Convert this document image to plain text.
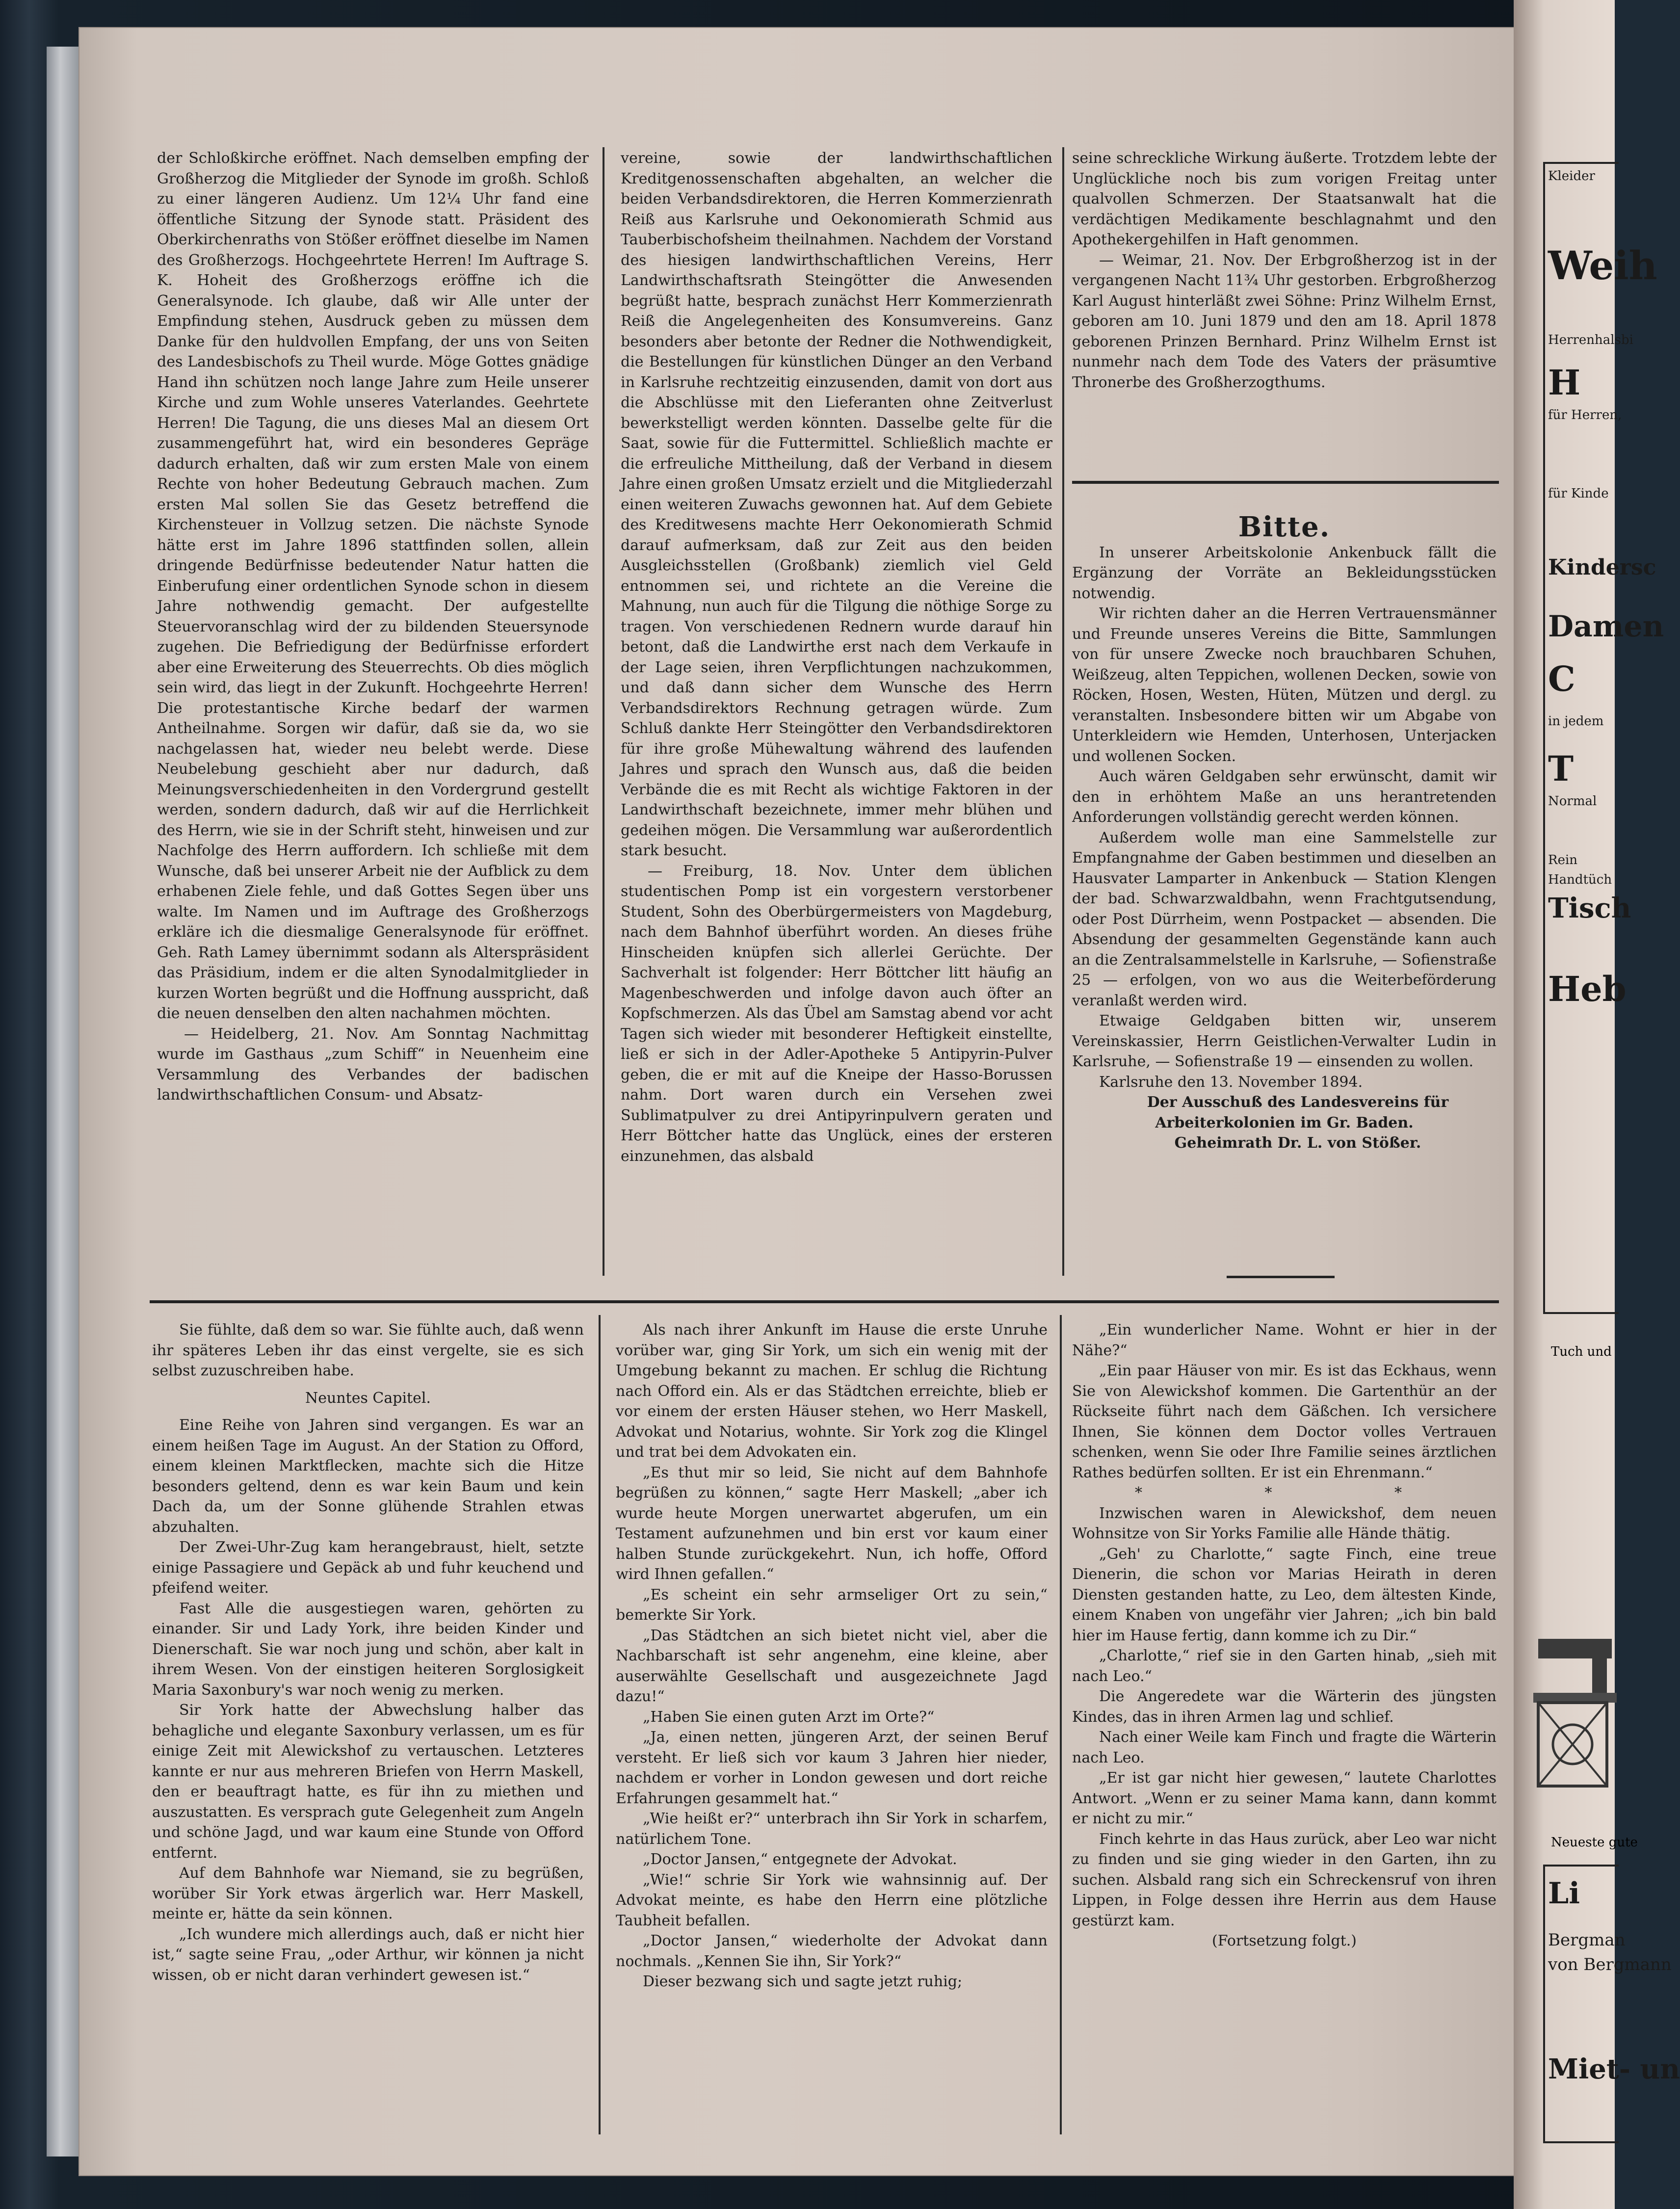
der Schloßkirche eröffnet. Nach demselben empfing der Großherzog die Mitglieder der Synode im großh. Schloß zu einer längeren Audienz. Um 12¼ Uhr fand eine öffentliche Sitzung der Synode statt. Präsident des Oberkirchenraths von Stößer eröffnet dieselbe im Namen des Großherzogs. Hochgeehrtete Herren! Im Auftrage S. K. Hoheit des Großherzogs eröffne ich die Generalsynode. Ich glaube, daß wir Alle unter der Empfindung stehen, Ausdruck geben zu müssen dem Danke für den huldvollen Empfang, der uns von Seiten des Landesbischofs zu Theil wurde. Möge Gottes gnädige Hand ihn schützen noch lange Jahre zum Heile unserer Kirche und zum Wohle unseres Vaterlandes. Geehrtete Herren! Die Tagung, die uns dieses Mal an diesem Ort zusammengeführt hat, wird ein besonderes Gepräge dadurch erhalten, daß wir zum ersten Male von einem Rechte von hoher Bedeutung Gebrauch machen. Zum ersten Mal sollen Sie das Gesetz betreffend die Kirchensteuer in Vollzug setzen. Die nächste Synode hätte erst im Jahre 1896 stattfinden sollen, allein dringende Bedürfnisse bedeutender Natur hatten die Einberufung einer ordentlichen Synode schon in diesem Jahre nothwendig gemacht. Der aufgestellte Steuervoranschlag wird der zu bildenden Steuersynode zugehen. Die Befriedigung der Bedürfnisse erfordert aber eine Erweiterung des Steuerrechts. Ob dies möglich sein wird, das liegt in der Zukunft. Hochgeehrte Herren! Die protestantische Kirche bedarf der warmen Antheilnahme. Sorgen wir dafür, daß sie da, wo sie nachgelassen hat, wieder neu belebt werde. Diese Neubelebung geschieht aber nur dadurch, daß Meinungsverschiedenheiten in den Vordergrund gestellt werden, sondern dadurch, daß wir auf die Herrlichkeit des Herrn, wie sie in der Schrift steht, hinweisen und zur Nachfolge des Herrn auffordern. Ich schließe mit dem Wunsche, daß bei unserer Arbeit nie der Aufblick zu dem erhabenen Ziele fehle, und daß Gottes Segen über uns walte. Im Namen und im Auftrage des Großherzogs erkläre ich die diesmalige Generalsynode für eröffnet. Geh. Rath Lamey übernimmt sodann als Alterspräsident das Präsidium, indem er die alten Synodalmitglieder in kurzen Worten begrüßt und die Hoffnung ausspricht, daß die neuen denselben den alten nachahmen möchten.

— Heidelberg, 21. Nov. Am Sonntag Nachmittag wurde im Gasthaus „zum Schiff“ in Neuenheim eine Versammlung des Verbandes der badischen landwirthschaftlichen Consum- und Absatz-

vereine, sowie der landwirthschaftlichen Kreditgenossenschaften abgehalten, an welcher die beiden Verbandsdirektoren, die Herren Kommerzienrath Reiß aus Karlsruhe und Oekonomierath Schmid aus Tauberbischofsheim theilnahmen. Nachdem der Vorstand des hiesigen landwirthschaftlichen Vereins, Herr Landwirthschaftsrath Steingötter die Anwesenden begrüßt hatte, besprach zunächst Herr Kommerzienrath Reiß die Angelegenheiten des Konsumvereins. Ganz besonders aber betonte der Redner die Nothwendigkeit, die Bestellungen für künstlichen Dünger an den Verband in Karlsruhe rechtzeitig einzusenden, damit von dort aus die Abschlüsse mit den Lieferanten ohne Zeitverlust bewerkstelligt werden könnten. Dasselbe gelte für die Saat, sowie für die Futtermittel. Schließlich machte er die erfreuliche Mittheilung, daß der Verband in diesem Jahre einen großen Umsatz erzielt und die Mitgliederzahl einen weiteren Zuwachs gewonnen hat. Auf dem Gebiete des Kreditwesens machte Herr Oekonomierath Schmid darauf aufmerksam, daß zur Zeit aus den beiden Ausgleichsstellen (Großbank) ziemlich viel Geld entnommen sei, und richtete an die Vereine die Mahnung, nun auch für die Tilgung die nöthige Sorge zu tragen. Von verschiedenen Rednern wurde darauf hin betont, daß die Landwirthe erst nach dem Verkaufe in der Lage seien, ihren Verpflichtungen nachzukommen, und daß dann sicher dem Wunsche des Herrn Verbandsdirektors Rechnung getragen würde. Zum Schluß dankte Herr Steingötter den Verbandsdirektoren für ihre große Mühewaltung während des laufenden Jahres und sprach den Wunsch aus, daß die beiden Verbände die es mit Recht als wichtige Faktoren in der Landwirthschaft bezeichnete, immer mehr blühen und gedeihen mögen. Die Versammlung war außerordentlich stark besucht.

— Freiburg, 18. Nov. Unter dem üblichen studentischen Pomp ist ein vorgestern verstorbener Student, Sohn des Oberbürgermeisters von Magdeburg, nach dem Bahnhof überführt worden. An dieses frühe Hinscheiden knüpfen sich allerlei Gerüchte. Der Sachverhalt ist folgender: Herr Böttcher litt häufig an Magenbeschwerden und infolge davon auch öfter an Kopfschmerzen. Als das Übel am Samstag abend vor acht Tagen sich wieder mit besonderer Heftigkeit einstellte, ließ er sich in der Adler-Apotheke 5 Antipyrin-Pulver geben, die er mit auf die Kneipe der Hasso-Borussen nahm. Dort waren durch ein Versehen zwei Sublimatpulver zu drei Antipyrinpulvern geraten und Herr Böttcher hatte das Unglück, eines der ersteren einzunehmen, das alsbald

seine schreckliche Wirkung äußerte. Trotzdem lebte der Unglückliche noch bis zum vorigen Freitag unter qualvollen Schmerzen. Der Staatsanwalt hat die verdächtigen Medikamente beschlagnahmt und den Apothekergehilfen in Haft genommen.

— Weimar, 21. Nov. Der Erbgroßherzog ist in der vergangenen Nacht 11¾ Uhr gestorben. Erbgroßherzog Karl August hinterläßt zwei Söhne: Prinz Wilhelm Ernst, geboren am 10. Juni 1879 und den am 18. April 1878 geborenen Prinzen Bernhard. Prinz Wilhelm Ernst ist nunmehr nach dem Tode des Vaters der präsumtive Thronerbe des Großherzogthums.

Bitte.

In unserer Arbeitskolonie Ankenbuck fällt die Ergänzung der Vorräte an Bekleidungsstücken notwendig.

Wir richten daher an die Herren Vertrauensmänner und Freunde unseres Vereins die Bitte, Sammlungen von für unsere Zwecke noch brauchbaren Schuhen, Weißzeug, alten Teppichen, wollenen Decken, sowie von Röcken, Hosen, Westen, Hüten, Mützen und dergl. zu veranstalten. Insbesondere bitten wir um Abgabe von Unterkleidern wie Hemden, Unterhosen, Unterjacken und wollenen Socken.

Auch wären Geldgaben sehr erwünscht, damit wir den in erhöhtem Maße an uns herantretenden Anforderungen vollständig gerecht werden können.

Außerdem wolle man eine Sammelstelle zur Empfangnahme der Gaben bestimmen und dieselben an Hausvater Lamparter in Ankenbuck — Station Klengen der bad. Schwarzwaldbahn, wenn Frachtgutsendung, oder Post Dürrheim, wenn Postpacket — absenden. Die Absendung der gesammelten Gegenstände kann auch an die Zentralsammelstelle in Karlsruhe, — Sofienstraße 25 — erfolgen, von wo aus die Weiterbeförderung veranlaßt werden wird.

Etwaige Geldgaben bitten wir, unserem Vereinskassier, Herrn Geistlichen-Verwalter Ludin in Karlsruhe, — Sofienstraße 19 — einsenden zu wollen.

Karlsruhe den 13. November 1894.

Der Ausschuß des Landesvereins für Arbeiterkolonien im Gr. Baden.

Geheimrath Dr. L. von Stößer.

Sie fühlte, daß dem so war. Sie fühlte auch, daß wenn ihr späteres Leben ihr das einst vergelte, sie es sich selbst zuzuschreiben habe.

Neuntes Capitel.

Eine Reihe von Jahren sind vergangen. Es war an einem heißen Tage im August. An der Station zu Offord, einem kleinen Marktflecken, machte sich die Hitze besonders geltend, denn es war kein Baum und kein Dach da, um der Sonne glühende Strahlen etwas abzuhalten.

Der Zwei-Uhr-Zug kam herangebraust, hielt, setzte einige Passagiere und Gepäck ab und fuhr keuchend und pfeifend weiter.

Fast Alle die ausgestiegen waren, gehörten zu einander. Sir und Lady York, ihre beiden Kinder und Dienerschaft. Sie war noch jung und schön, aber kalt in ihrem Wesen. Von der einstigen heiteren Sorglosigkeit Maria Saxonbury's war noch wenig zu merken.

Sir York hatte der Abwechslung halber das behagliche und elegante Saxonbury verlassen, um es für einige Zeit mit Alewickshof zu vertauschen. Letzteres kannte er nur aus mehreren Briefen von Herrn Maskell, den er beauftragt hatte, es für ihn zu miethen und auszustatten. Es versprach gute Gelegenheit zum Angeln und schöne Jagd, und war kaum eine Stunde von Offord entfernt.

Auf dem Bahnhofe war Niemand, sie zu begrüßen, worüber Sir York etwas ärgerlich war. Herr Maskell, meinte er, hätte da sein können.

„Ich wundere mich allerdings auch, daß er nicht hier ist,“ sagte seine Frau, „oder Arthur, wir können ja nicht wissen, ob er nicht daran verhindert gewesen ist.“

Als nach ihrer Ankunft im Hause die erste Unruhe vorüber war, ging Sir York, um sich ein wenig mit der Umgebung bekannt zu machen. Er schlug die Richtung nach Offord ein. Als er das Städtchen erreichte, blieb er vor einem der ersten Häuser stehen, wo Herr Maskell, Advokat und Notarius, wohnte. Sir York zog die Klingel und trat bei dem Advokaten ein.

„Es thut mir so leid, Sie nicht auf dem Bahnhofe begrüßen zu können,“ sagte Herr Maskell; „aber ich wurde heute Morgen unerwartet abgerufen, um ein Testament aufzunehmen und bin erst vor kaum einer halben Stunde zurückgekehrt. Nun, ich hoffe, Offord wird Ihnen gefallen.“

„Es scheint ein sehr armseliger Ort zu sein,“ bemerkte Sir York.

„Das Städtchen an sich bietet nicht viel, aber die Nachbarschaft ist sehr angenehm, eine kleine, aber auserwählte Gesellschaft und ausgezeichnete Jagd dazu!“

„Haben Sie einen guten Arzt im Orte?“

„Ja, einen netten, jüngeren Arzt, der seinen Beruf versteht. Er ließ sich vor kaum 3 Jahren hier nieder, nachdem er vorher in London gewesen und dort reiche Erfahrungen gesammelt hat.“

„Wie heißt er?“ unterbrach ihn Sir York in scharfem, natürlichem Tone.

„Doctor Jansen,“ entgegnete der Advokat.

„Wie!“ schrie Sir York wie wahnsinnig auf. Der Advokat meinte, es habe den Herrn eine plötzliche Taubheit befallen.

„Doctor Jansen,“ wiederholte der Advokat dann nochmals. „Kennen Sie ihn, Sir York?“

Dieser bezwang sich und sagte jetzt ruhig;

„Ein wunderlicher Name. Wohnt er hier in der Nähe?“

„Ein paar Häuser von mir. Es ist das Eckhaus, wenn Sie von Alewickshof kommen. Die Gartenthür an der Rückseite führt nach dem Gäßchen. Ich versichere Ihnen, Sie können dem Doctor volles Vertrauen schenken, wenn Sie oder Ihre Familie seines ärztlichen Rathes bedürfen sollten. Er ist ein Ehrenmann.“

* * *

Inzwischen waren in Alewickshof, dem neuen Wohnsitze von Sir Yorks Familie alle Hände thätig.

„Geh' zu Charlotte,“ sagte Finch, eine treue Dienerin, die schon vor Marias Heirath in deren Diensten gestanden hatte, zu Leo, dem ältesten Kinde, einem Knaben von ungefähr vier Jahren; „ich bin bald hier im Hause fertig, dann komme ich zu Dir.“

„Charlotte,“ rief sie in den Garten hinab, „sieh mit nach Leo.“

Die Angeredete war die Wärterin des jüngsten Kindes, das in ihren Armen lag und schlief.

Nach einer Weile kam Finch und fragte die Wärterin nach Leo.

„Er ist gar nicht hier gewesen,“ lautete Charlottes Antwort. „Wenn er zu seiner Mama kann, dann kommt er nicht zu mir.“

Finch kehrte in das Haus zurück, aber Leo war nicht zu finden und sie ging wieder in den Garten, ihn zu suchen. Alsbald rang sich ein Schreckensruf von ihren Lippen, in Folge dessen ihre Herrin aus dem Hause gestürzt kam.

(Fortsetzung folgt.)

Kleider
Weih
Herrenhalsbi
H
für Herren,
für Kinde
Kindersc
Damen
C
in jedem
T
Normal
Rein
Handtüch
Tisch
Heb
Tuch und
Neueste gute
Li
Bergman
von Bergmann
Miet- un
